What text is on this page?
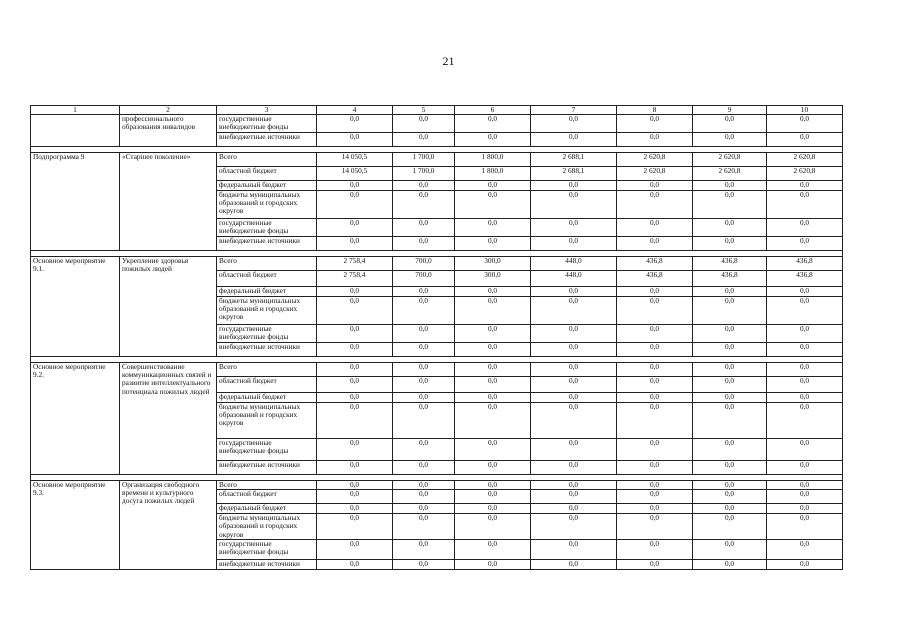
21
1	2	3	4	5	6	7	8	9	10
	профессионального образования инвалидов	государственные внебюджетные фонды	0,0	0,0	0,0	0,0	0,0	0,0	0,0
		внебюджетные источники	0,0	0,0	0,0	0,0	0,0	0,0	0,0

Подпрограмма 9	«Старшее поколение»	Всего	14 050,5	1 700,0	1 800,0	2 688,1	2 620,8	2 620,8	2 620,8
		областной бюджет	14 050,5	1 700,0	1 800,0	2 688,1	2 620,8	2 620,8	2 620,8
		федеральный бюджет	0,0	0,0	0,0	0,0	0,0	0,0	0,0
		бюджеты муниципальных образований и городских округов	0,0	0,0	0,0	0,0	0,0	0,0	0,0
		государственные внебюджетные фонды	0,0	0,0	0,0	0,0	0,0	0,0	0,0
		внебюджетные источники	0,0	0,0	0,0	0,0	0,0	0,0	0,0

Основное мероприятие 9.1.	Укрепление здоровья пожилых людей	Всего	2 758,4	700,0	300,0	448,0	436,8	436,8	436,8
		областной бюджет	2 758,4	700,0	300,0	448,0	436,8	436,8	436,8
		федеральный бюджет	0,0	0,0	0,0	0,0	0,0	0,0	0,0
		бюджеты муниципальных образований и городских округов	0,0	0,0	0,0	0,0	0,0	0,0	0,0
		государственные внебюджетные фонды	0,0	0,0	0,0	0,0	0,0	0,0	0,0
		внебюджетные источники	0,0	0,0	0,0	0,0	0,0	0,0	0,0

Основное мероприятие 9.2.	Совершенствование коммуникационных связей и развитие интеллектуального потенциала пожилых людей	Всего	0,0	0,0	0,0	0,0	0,0	0,0	0,0
		областной бюджет	0,0	0,0	0,0	0,0	0,0	0,0	0,0
		федеральный бюджет	0,0	0,0	0,0	0,0	0,0	0,0	0,0
		бюджеты муниципальных образований и городских округов	0,0	0,0	0,0	0,0	0,0	0,0	0,0
		государственные внебюджетные фонды	0,0	0,0	0,0	0,0	0,0	0,0	0,0
		внебюджетные источники	0,0	0,0	0,0	0,0	0,0	0,0	0,0

Основное мероприятие 9.3.	Организация свободного времени и культурного досуга пожилых людей	Всего	0,0	0,0	0,0	0,0	0,0	0,0	0,0
		областной бюджет	0,0	0,0	0,0	0,0	0,0	0,0	0,0
		федеральный бюджет	0,0	0,0	0,0	0,0	0,0	0,0	0,0
		бюджеты муниципальных образований и городских округов	0,0	0,0	0,0	0,0	0,0	0,0	0,0
		государственные внебюджетные фонды	0,0	0,0	0,0	0,0	0,0	0,0	0,0
		внебюджетные источники	0,0	0,0	0,0	0,0	0,0	0,0	0,0
